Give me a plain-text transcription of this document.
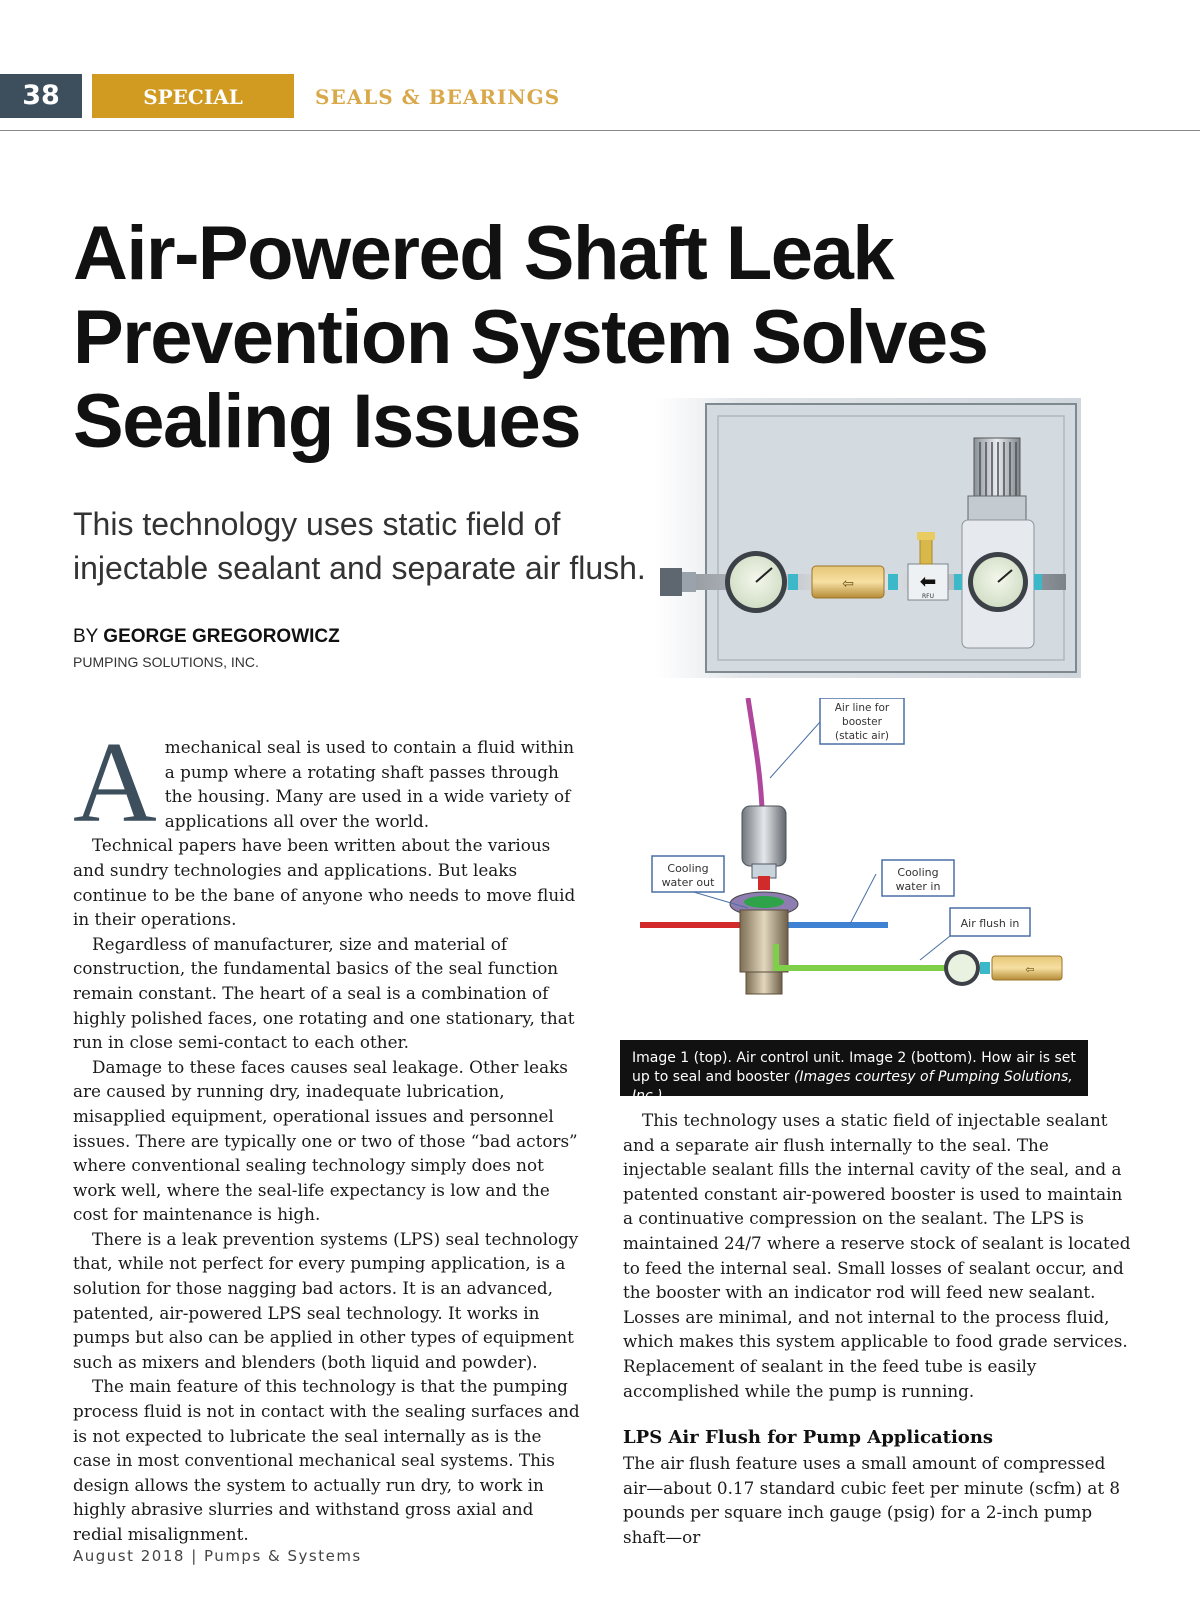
38	SPECIAL SECTION
SEALS & BEARINGS
Air-Powered Shaft Leak Prevention System Solves Sealing Issues
This technology uses static field of injectable sealant and separate air flush.
BY GEORGE GREGOROWICZ
PUMPING SOLUTIONS, INC.
⇦	⬅
RFU
⇦
Air line for
booster
(static air)
Cooling
water out
Cooling
water in
Air flush in
Image 1 (top). Air control unit. Image 2 (bottom). How air is set up to seal and booster (Images courtesy of Pumping Solutions, Inc.)
A mechanical seal is used to contain a fluid within a pump where a rotating shaft passes through the housing. Many are used in a wide variety of applications all over the world.

Technical papers have been written about the various and sundry technologies and applications. But leaks continue to be the bane of anyone who needs to move fluid in their operations.

Regardless of manufacturer, size and material of construction, the fundamental basics of the seal function remain constant. The heart of a seal is a combination of highly polished faces, one rotating and one stationary, that run in close semi-contact to each other.

Damage to these faces causes seal leakage. Other leaks are caused by running dry, inadequate lubrication, misapplied equipment, operational issues and personnel issues. There are typically one or two of those “bad actors” where conventional sealing technology simply does not work well, where the seal-life expectancy is low and the cost for maintenance is high.

There is a leak prevention systems (LPS) seal technology that, while not perfect for every pumping application, is a solution for those nagging bad actors. It is an advanced, patented, air-powered LPS seal technology. It works in pumps but also can be applied in other types of equipment such as mixers and blenders (both liquid and powder).

The main feature of this technology is that the pumping process fluid is not in contact with the sealing surfaces and is not expected to lubricate the seal internally as is the case in most conventional mechanical seal systems. This design allows the system to actually run dry, to work in highly abrasive slurries and withstand gross axial and redial misalignment.

This technology uses a static field of injectable sealant and a separate air flush internally to the seal. The injectable sealant fills the internal cavity of the seal, and a patented constant air-powered booster is used to maintain a continuative compression on the sealant. The LPS is maintained 24/7 where a reserve stock of sealant is located to feed the internal seal. Small losses of sealant occur, and the booster with an indicator rod will feed new sealant. Losses are minimal, and not internal to the process fluid, which makes this system applicable to food grade services. Replacement of sealant in the feed tube is easily accomplished while the pump is running.

LPS Air Flush for Pump Applications

The air flush feature uses a small amount of compressed air—about 0.17 standard cubic feet per minute (scfm) at 8 pounds per square inch gauge (psig) for a 2-inch pump shaft—or

August 2018 | Pumps & Systems
